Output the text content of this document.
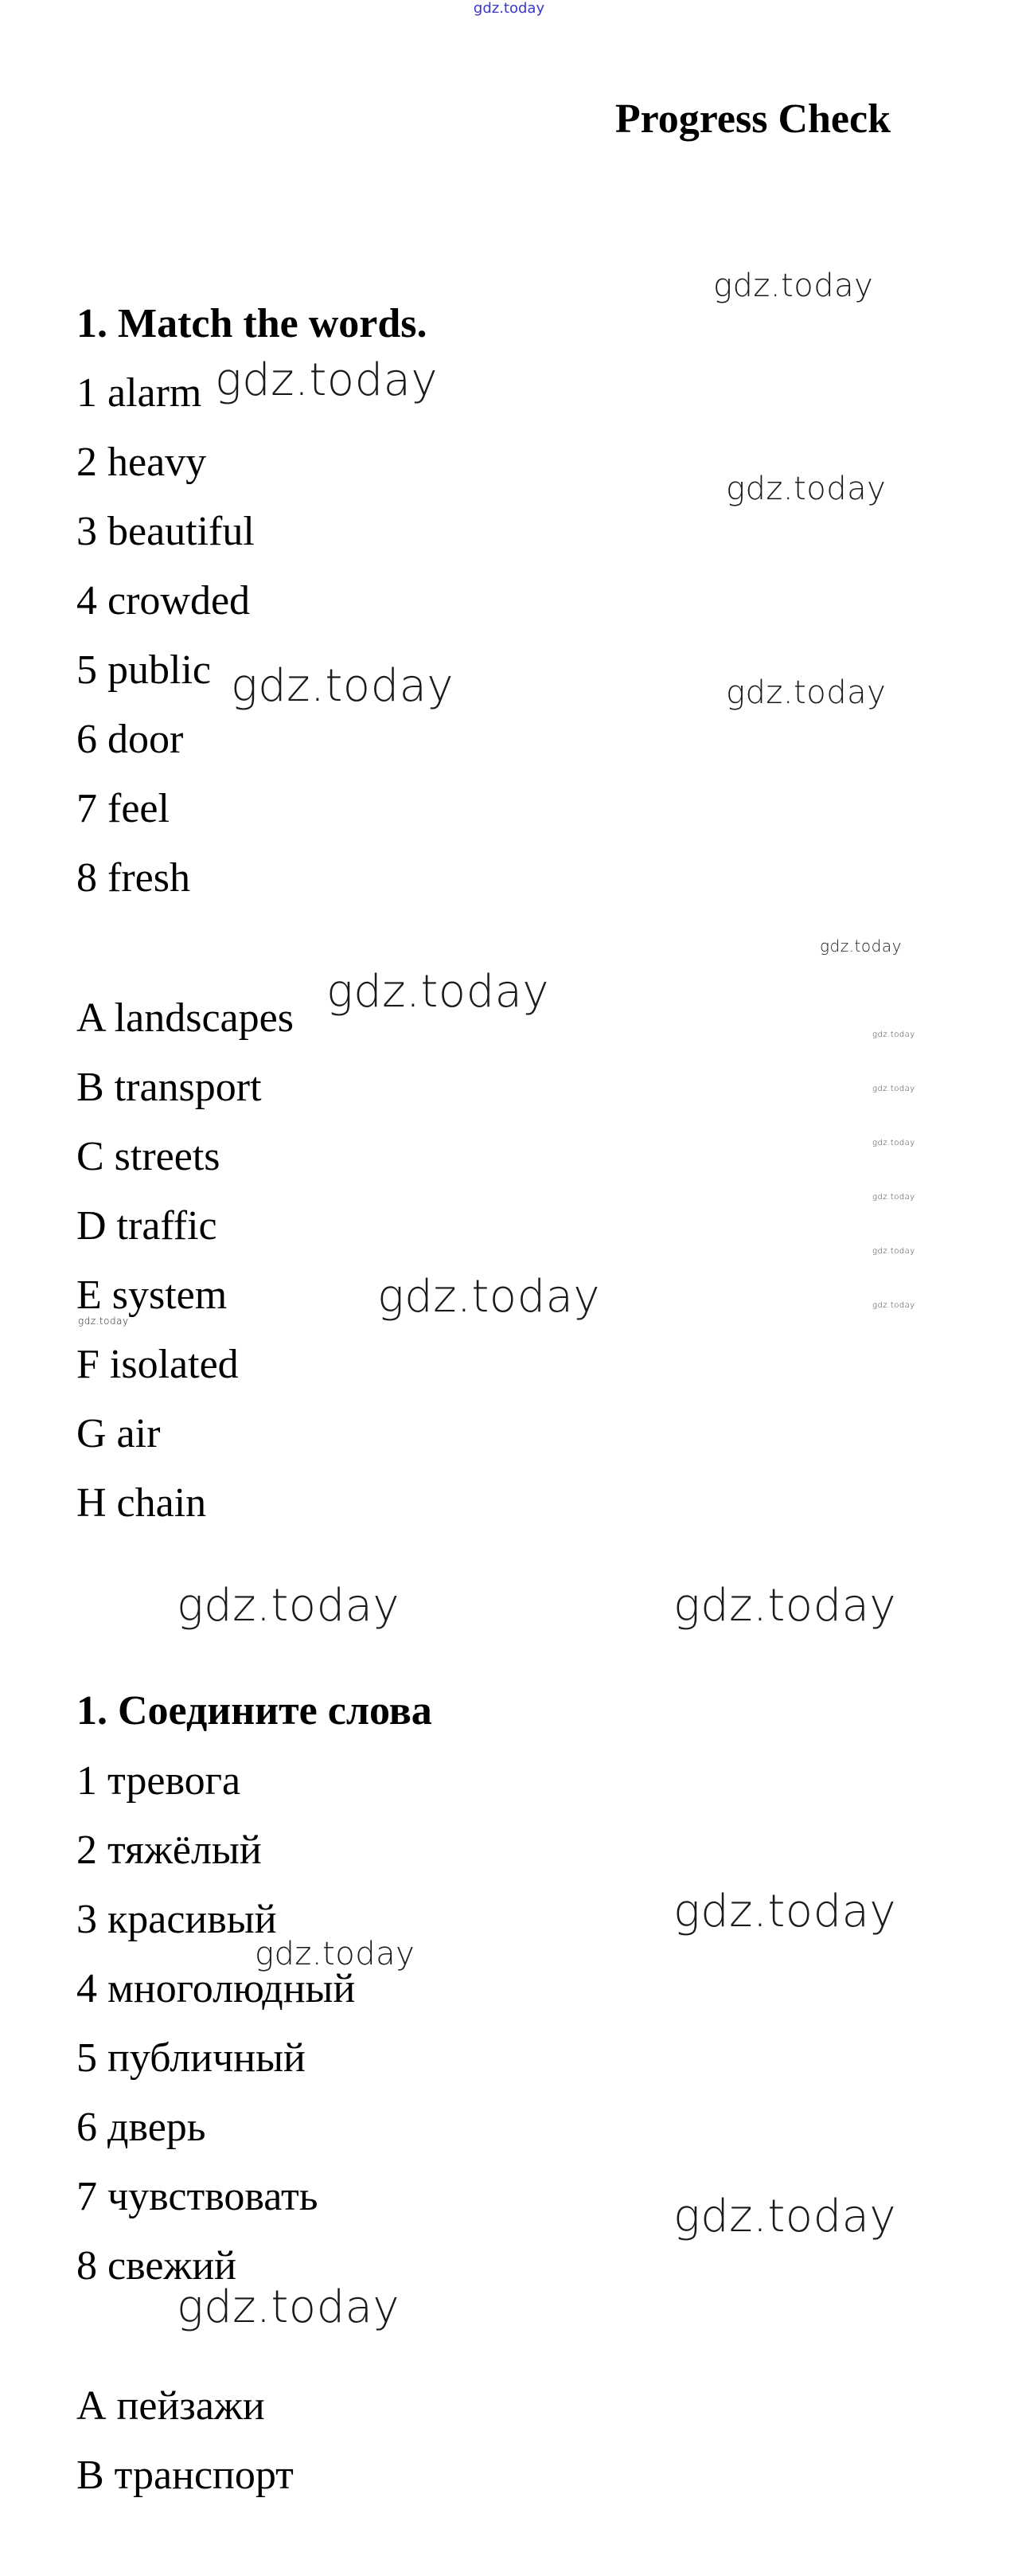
gdz.today
Progress Check
1. Match the words.
1 alarm
2 heavy
3 beautiful
4 crowded
5 public
6 door
7 feel
8 fresh
A landscapes
B transport
C streets
D traffic
E system
F isolated
G air
H chain
1. Соедините слова
1 тревога
2 тяжёлый
3 красивый
4 многолюдный
5 публичный
6 дверь
7 чувствовать
8 свежий
А пейзажи
В транспорт
gdz.today
gdz.today
gdz.today
gdz.today	gdz.today
gdz.today
gdz.today
gdz.today
gdz.today
gdz.today
gdz.today
gdz.today
gdz.today
gdz.today
gdz.today
gdz.today	gdz.today
gdz.today
gdz.today
gdz.today
gdz.today
